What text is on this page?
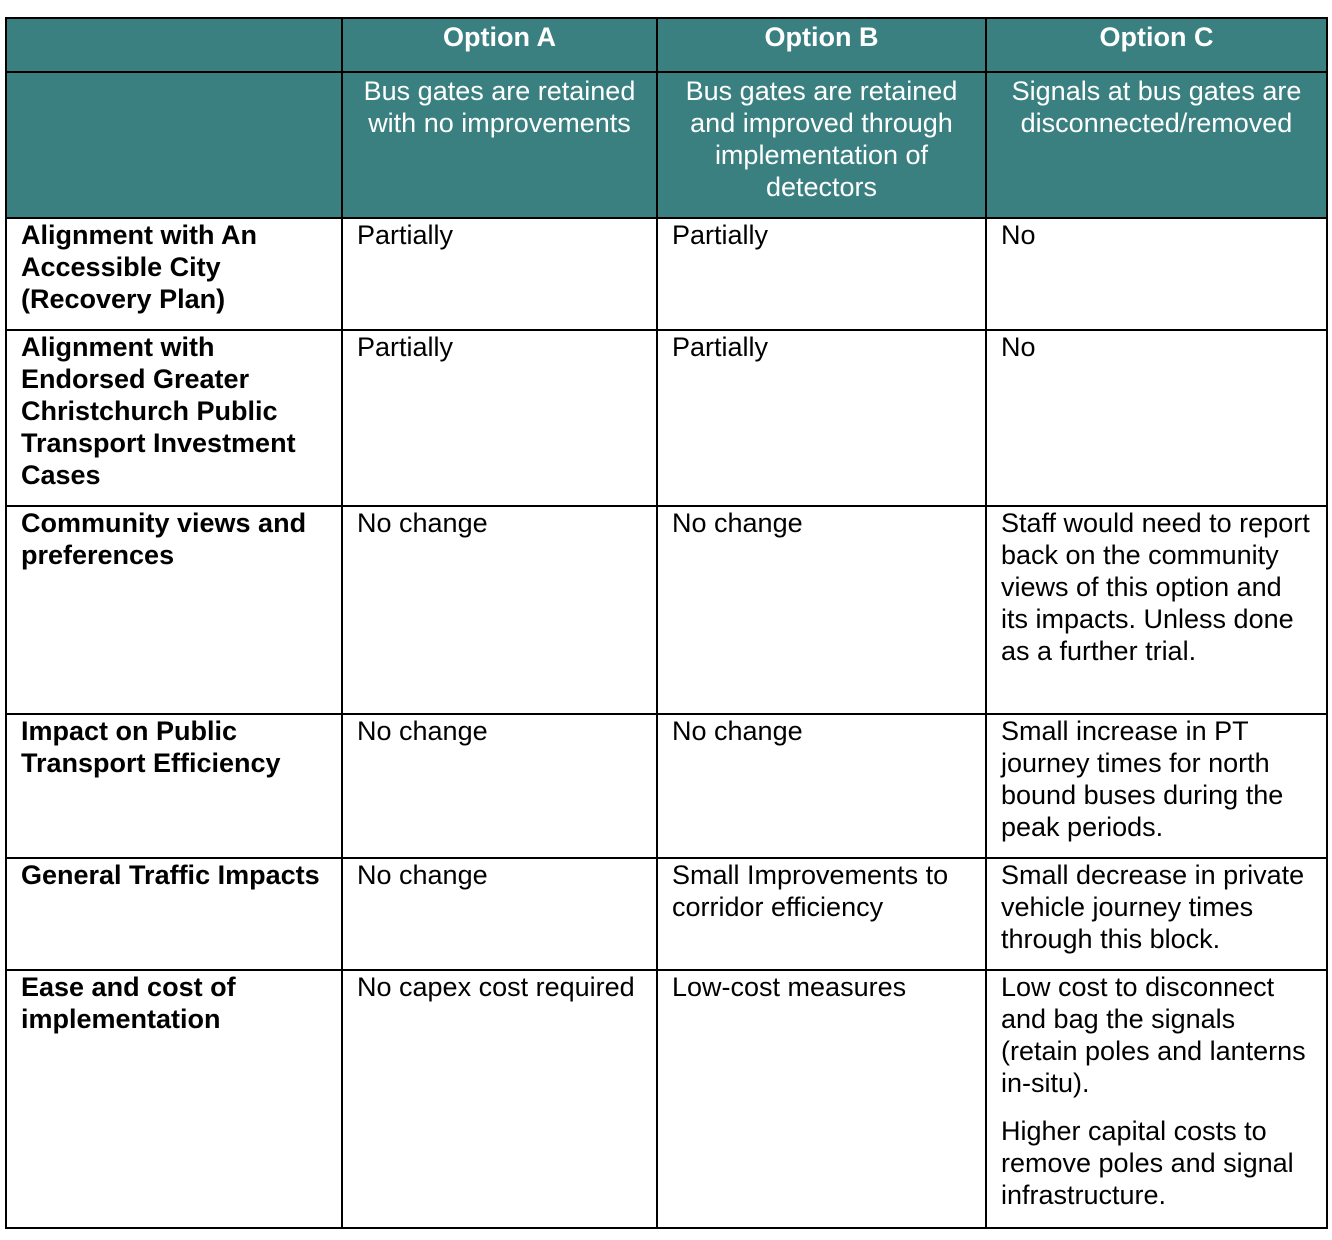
	Option A	Option B	Option C
	Bus gates are retained with no improvements	Bus gates are retained and improved through implementation of detectors	Signals at bus gates are disconnected/removed
Alignment with An Accessible City (Recovery Plan)	Partially	Partially	No

Alignment with Endorsed Greater Christchurch Public Transport Investment Cases	Partially	Partially	No

Community views and preferences	No change	No change	Staff would need to report back on the community views of this option and its impacts. Unless done as a further trial.

Impact on Public Transport Efficiency	No change	No change	Small increase in PT journey times for north bound buses during the peak periods.

General Traffic Impacts	No change	Small Improvements to corridor efficiency	Small decrease in private vehicle journey times through this block.

Ease and cost of implementation	No capex cost required	Low-cost measures	Low cost to disconnect and bag the signals (retain poles and lanterns in-situ).

Higher capital costs to remove poles and signal infrastructure.
